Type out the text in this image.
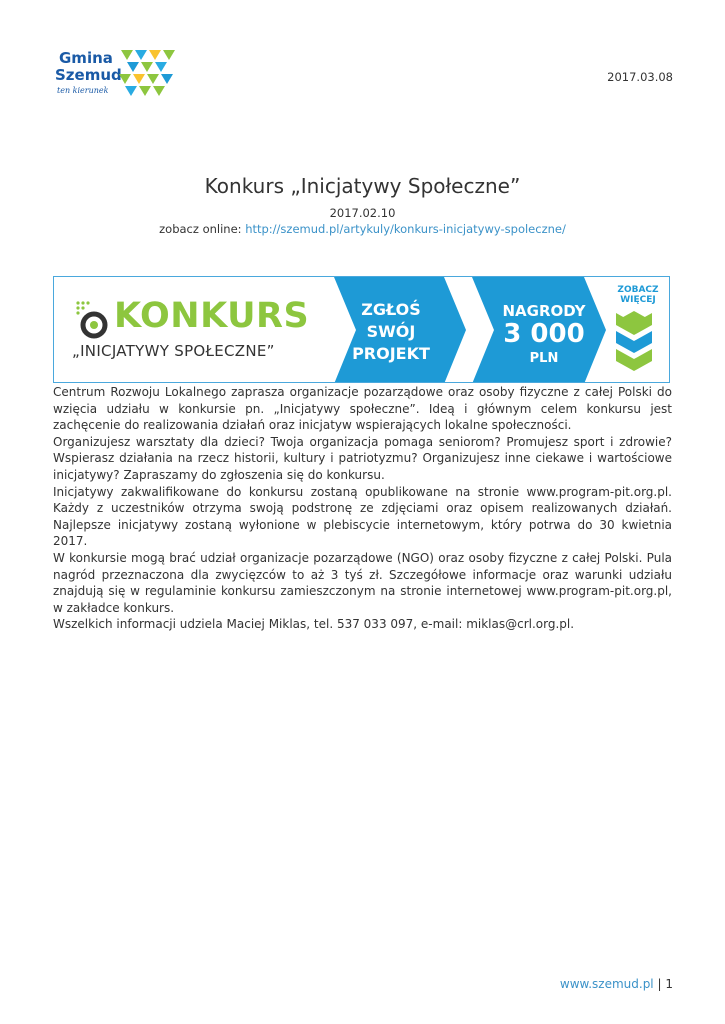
Gmina
Szemud
ten kierunek
2017.03.08
Konkurs „Inicjatywy Społeczne”
2017.02.10
zobacz online: http://szemud.pl/artykuly/konkurs-inicjatywy-spoleczne/
KONKURS
„INICJATYWY SPOŁECZNE”
ZGŁOŚ
SWÓJ
PROJEKT
NAGRODY
3 000
PLN
ZOBACZ
WIĘCEJ

Centrum Rozwoju Lokalnego zaprasza organizacje pozarządowe oraz osoby fizyczne z całej Polski do wzięcia udziału w konkursie pn. „Inicjatywy społeczne”. Ideą i głównym celem konkursu jest zachęcenie do realizowania działań oraz inicjatyw wspierających lokalne społeczności.

Organizujesz warsztaty dla dzieci? Twoja organizacja pomaga seniorom? Promujesz sport i zdrowie? Wspierasz działania na rzecz historii, kultury i patriotyzmu? Organizujesz inne ciekawe i wartościowe inicjatywy? Zapraszamy do zgłoszenia się do konkursu.

Inicjatywy zakwalifikowane do konkursu zostaną opublikowane na stronie www.program-pit.org.pl. Każdy z uczestników otrzyma swoją podstronę ze zdjęciami oraz opisem realizowanych działań. Najlepsze inicjatywy zostaną wyłonione w plebiscycie internetowym, który potrwa do 30 kwietnia 2017.

W konkursie mogą brać udział organizacje pozarządowe (NGO) oraz osoby fizyczne z całej Polski. Pula nagród przeznaczona dla zwycięzców to aż 3 tyś zł. Szczegółowe informacje oraz warunki udziału znajdują się w regulaminie konkursu zamieszczonym na stronie internetowej www.program-pit.org.pl, w zakładce konkurs.

Wszelkich informacji udziela Maciej Miklas, tel. 537 033 097, e-mail: miklas@crl.org.pl.

www.szemud.pl | 1
